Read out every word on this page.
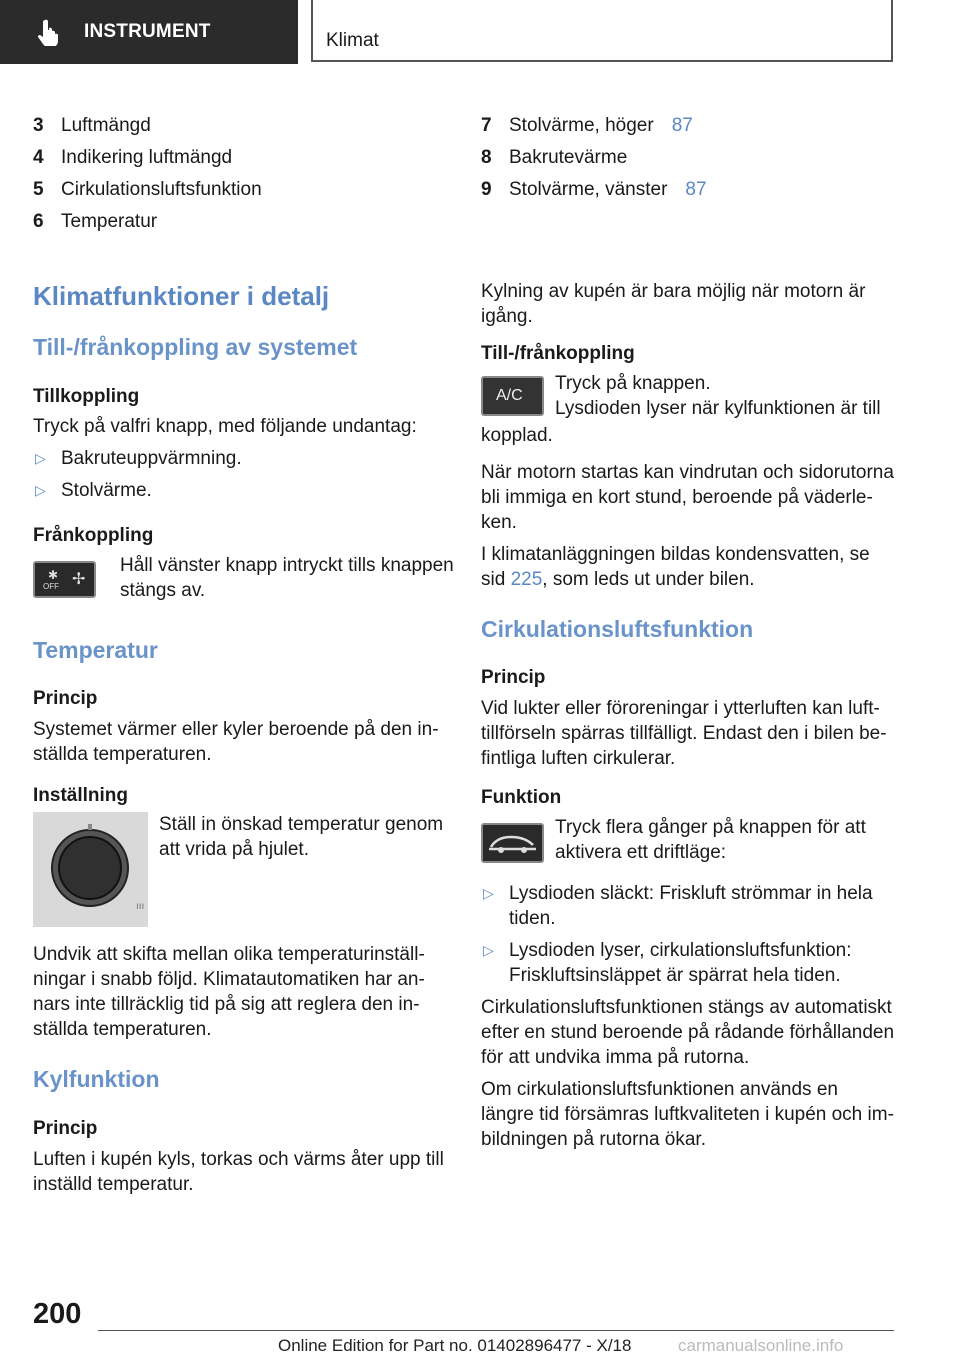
INSTRUMENT	Klimat
3 Luftmängd
4 Indikering luftmängd
5 Cirkulationsluftsfunktion
6 Temperatur
Klimatfunktioner i detalj
Till-/frånkoppling av systemet
Tillkoppling

Tryck på valfri knapp, med följande undantag:

▷ Bakruteuppvärmning.
▷ Stolvärme.
Frånkoppling
OFF
✱ ✢

Håll vänster knapp intryckt tills knappen stängs av.

Temperatur
Princip

Systemet värmer eller kyler beroende på den inställda temperaturen.

Inställning
ııı

Ställ in önskad temperatur genom att vrida på hjulet.

Undvik att skifta mellan olika temperaturinställningar i snabb följd. Klimatautomatiken har annars inte tillräcklig tid på sig att reglera den inställda temperaturen.

Kylfunktion
Princip

Luften i kupén kyls, torkas och värms åter upp till inställd temperatur.

7 Stolvärme, höger 87
8 Bakrutevärme
9 Stolvärme, vänster 87

Kylning av kupén är bara möjlig när motorn är igång.

Till-/frånkoppling
A/C

Tryck på knappen.

Lysdioden lyser när kylfunktionen är till

kopplad.

När motorn startas kan vindrutan och sidorutorna bli immiga en kort stund, beroende på väderleken.

I klimatanläggningen bildas kondensvatten, se sid 225, som leds ut under bilen.

Cirkulationsluftsfunktion
Princip

Vid lukter eller föroreningar i ytterluften kan lufttillförseln spärras tillfälligt. Endast den i bilen befintliga luften cirkulerar.

Funktion

Tryck flera gånger på knappen för att aktivera ett driftläge:

▷ Lysdioden släckt: Friskluft strömmar in hela tiden.
▷ Lysdioden lyser, cirkulationsluftsfunktion: Friskluftsinsläppet är spärrat hela tiden.

Cirkulationsluftsfunktionen stängs av automatiskt efter en stund beroende på rådande förhållanden för att undvika imma på rutorna.

Om cirkulationsluftsfunktionen används en längre tid försämras luftkvaliteten i kupén och imbildningen på rutorna ökar.

200
Online Edition for Part no. 01402896477 - X/18	carmanualsonline.info
